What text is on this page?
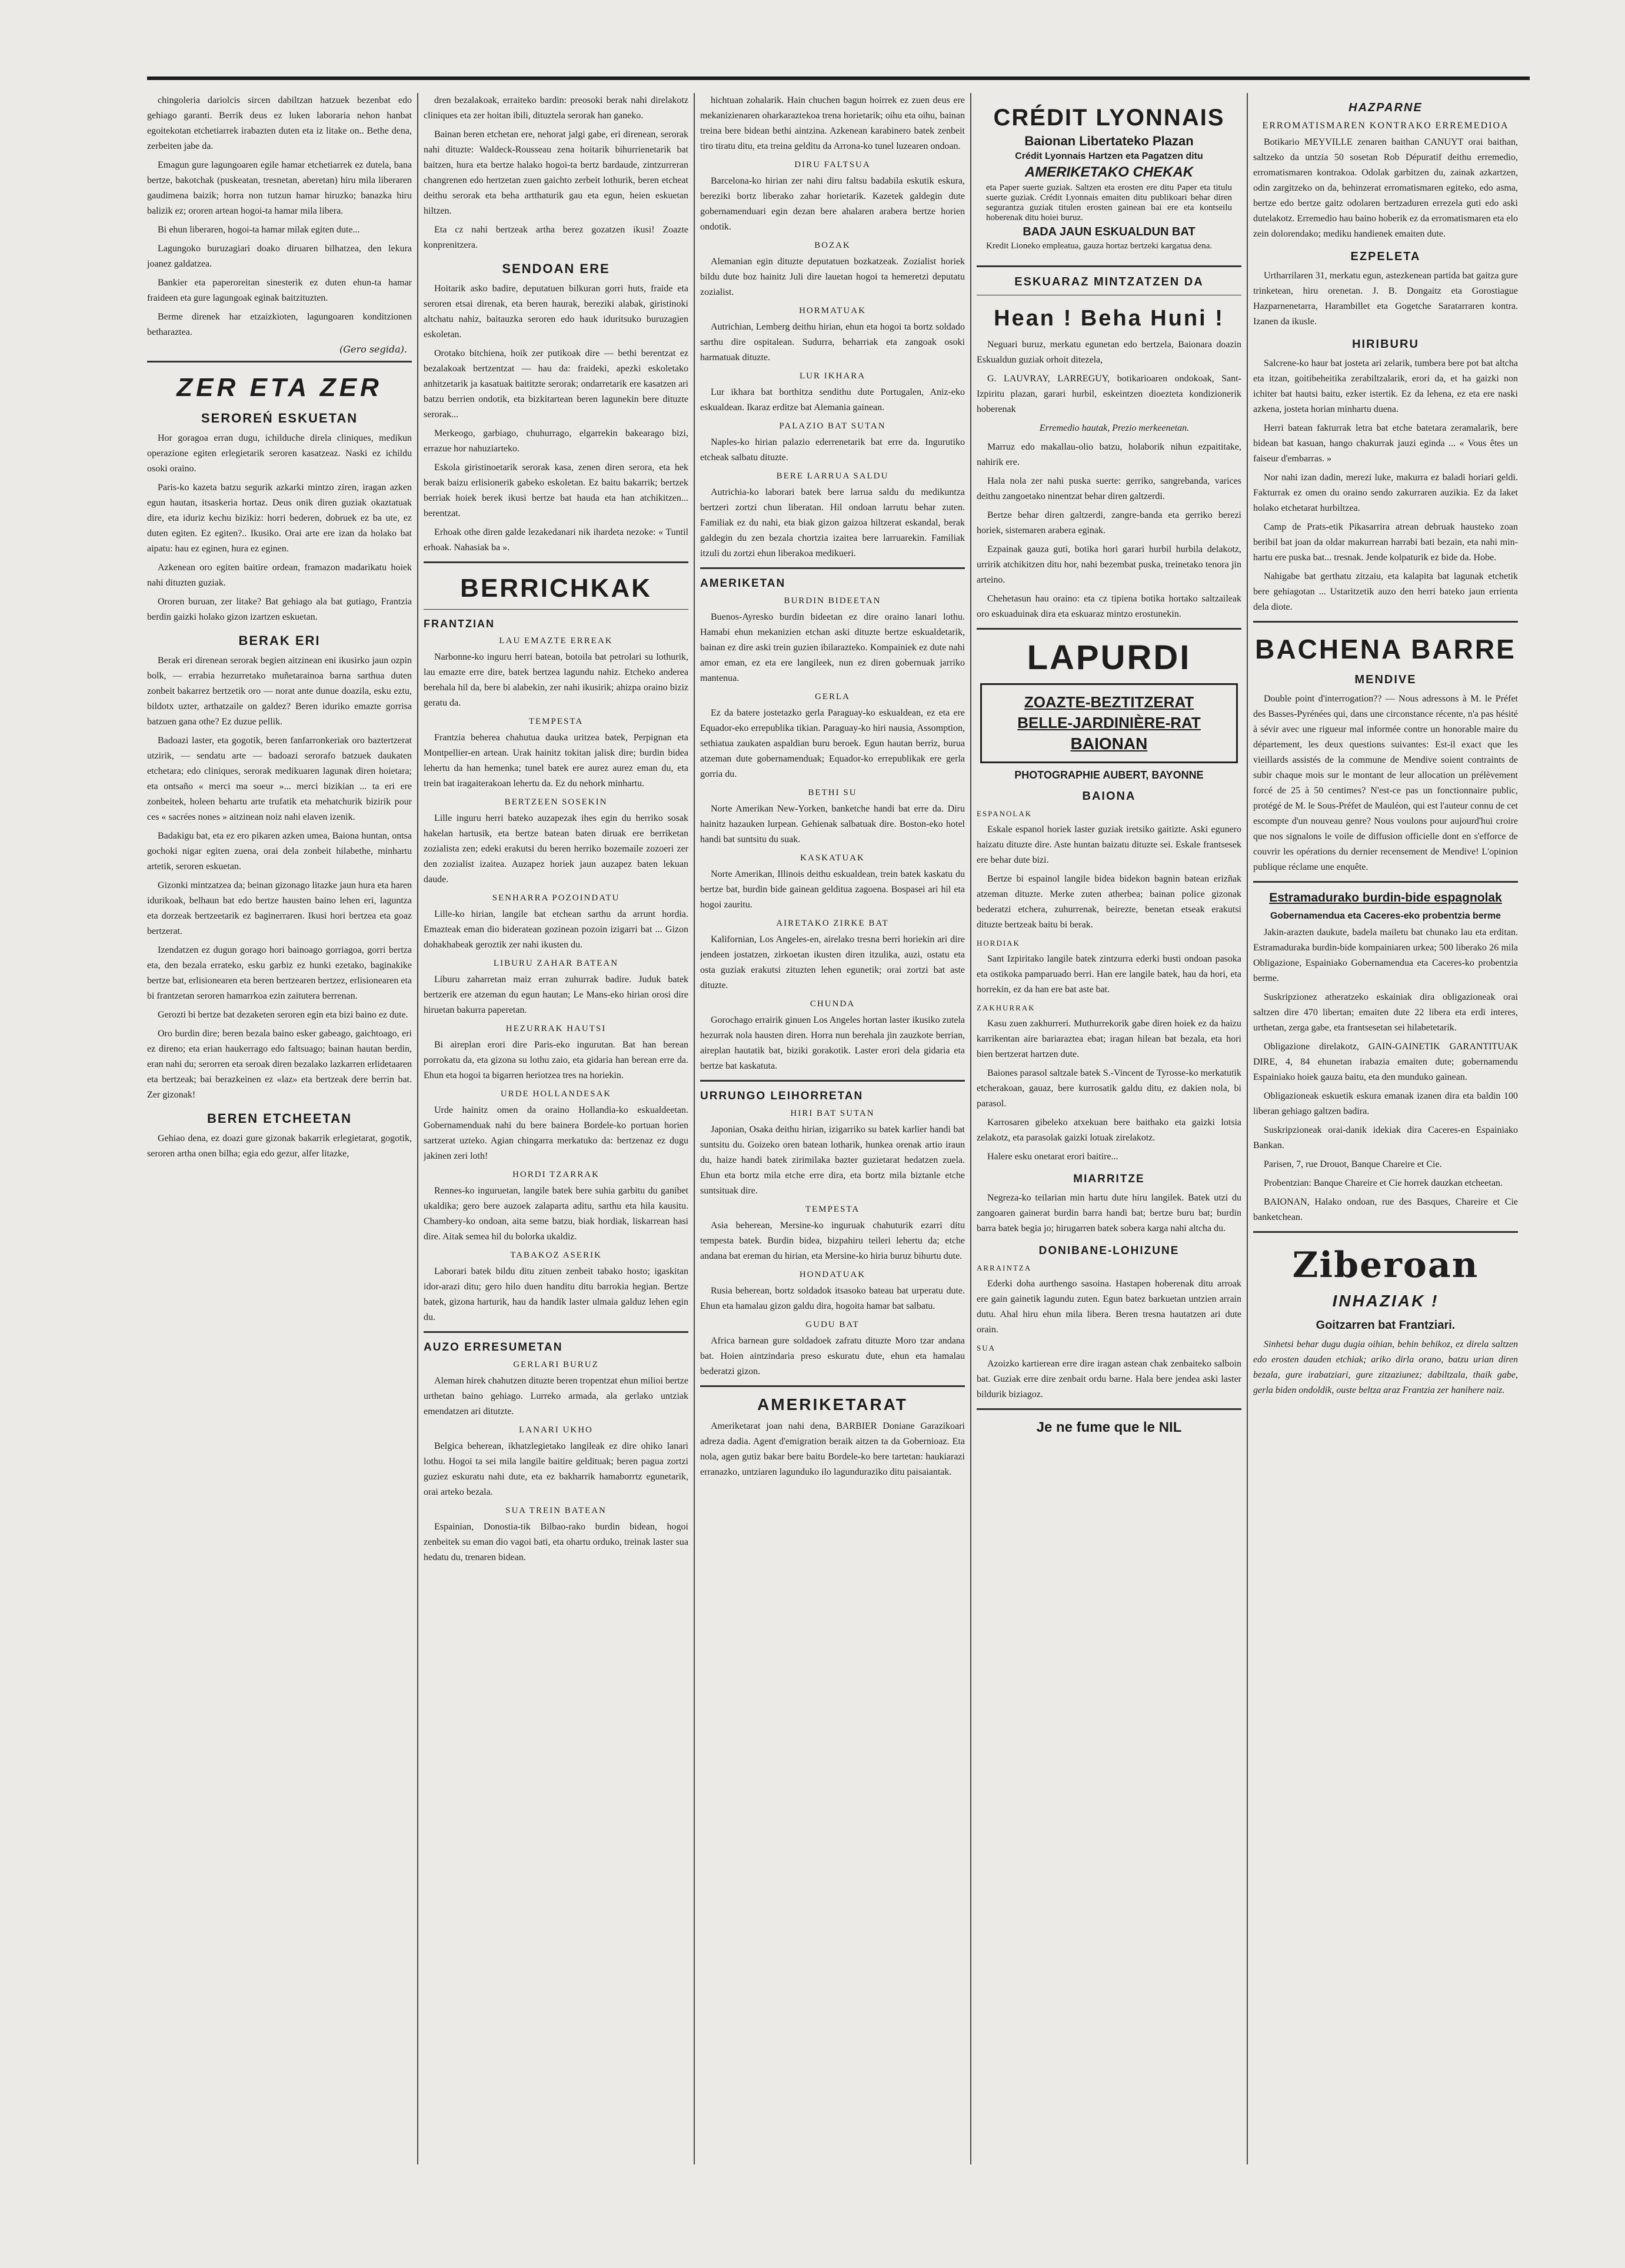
chingoleria dariolcis sircen dabiltzan hatzuek bezenbat edo gehiago garanti. Berrik deus ez luken laboraria nehon hanbat egoitekotan etchetiarrek irabazten duten eta iz litake on.. Bethe dena, zerbeiten jabe da.

Emagun gure lagungoaren egile hamar etchetiarrek ez dutela, bana bertze, bakotchak (puskeatan, tresnetan, aberetan) hiru mila liberaren gaudimena baizik; horra non tutzun hamar hiruzko; banazka hiru balizik ez; ororen artean hogoi-ta hamar mila libera.

Bi ehun liberaren, hogoi-ta hamar milak egiten dute...

Lagungoko buruzagiari doako diruaren bilhatzea, den lekura joanez galdatzea.

Bankier eta paperoreitan sinesterik ez duten ehun-ta hamar fraideen eta gure lagungoak eginak baitzituzten.

Berme direnek har etzaizkioten, lagungoaren konditzionen betharaztea.

(Gero segida).
ZER ETA ZER
SEROREŃ ESKUETAN

Hor goragoa erran dugu, ichilduche direla cliniques, medikun operazione egiten erlegietarik seroren kasatzeaz. Naski ez ichildu osoki oraino.

Paris-ko kazeta batzu segurik azkarki mintzo ziren, iragan azken egun hautan, itsaskeria hortaz. Deus onik diren guziak okaztatuak dire, eta iduriz kechu bizikiz: horri bederen, dobruek ez ba ute, ez duten egiten. Ez egiten?.. Ikusiko. Orai arte ere izan da holako bat aipatu: hau ez eginen, hura ez eginen.

Azkenean oro egiten baitire ordean, framazon madarikatu hoiek nahi dituzten guziak.

Ororen buruan, zer litake? Bat gehiago ala bat gutiago, Frantzia berdin gaizki holako gizon izartzen eskuetan.

BERAK ERI

Berak eri direnean serorak begien aitzinean eni ikusirko jaun ozpin bolk, — errabia hezurretako muñetarainoa barna sarthua duten zonbeit bakarrez bertzetik oro — norat ante dunue doazila, esku eztu, bildotx uzter, arthatzaile on galdez? Beren iduriko emazte gorrisa batzuen gana othe? Ez duzue pellik.

Badoazi laster, eta gogotik, beren fanfarronkeriak oro baztertzerat utzirik, — sendatu arte — badoazi serorafo batzuek daukaten etchetara; edo cliniques, serorak medikuaren lagunak diren hoietara; eta ontsaño « merci ma soeur »... merci bizikian ... ta eri ere zonbeitek, holeen behartu arte trufatik eta mehatchurik bizirik pour ces « sacrées nones » aitzinean noiz nahi elaven izenik.

Badakigu bat, eta ez ero pikaren azken umea, Baiona huntan, ontsa gochoki nigar egiten zuena, orai dela zonbeit hilabethe, minhartu artetik, seroren eskuetan.

Gizonki mintzatzea da; beinan gizonago litazke jaun hura eta haren idurikoak, belhaun bat edo bertze hausten baino lehen eri, laguntza eta dorzeak bertzeetarik ez baginerraren. Ikusi hori bertzea eta goaz bertzerat.

Izendatzen ez dugun gorago hori bainoago gorriagoa, gorri bertza eta, den bezala errateko, esku garbiz ez hunki ezetako, baginakike bertze bat, erlisionearen eta beren bertzearen bertzez, erlisionearen eta bi frantzetan seroren hamarrkoa ezin zaitutera berrenan.

Gerozti bi bertze bat dezaketen seroren egin eta bizi baino ez dute.

Oro burdin dire; beren bezala baino esker gabeago, gaichtoago, eri ez direno; eta erian haukerrago edo faltsuago; bainan hautan berdin, eran nahi du; serorren eta seroak diren bezalako lazkarren erlidetaaren eta bertzeak; bai berazkeinen ez «laz» eta bertzeak dere berrin bat. Zer gizonak!

BEREN ETCHEETAN

Gehiao dena, ez doazi gure gizonak bakarrik erlegietarat, gogotik, seroren artha onen bilha; egia edo gezur, alfer litazke,

dren bezalakoak, erraiteko bardin: preosoki berak nahi direlakotz cliniques eta zer hoitan ibili, dituztela serorak han ganeko.

Bainan beren etchetan ere, nehorat jalgi gabe, eri direnean, serorak nahi dituzte: Waldeck-Rousseau zena hoitarik bihurrienetarik bat baitzen, hura eta bertze halako hogoi-ta bertz bardaude, zintzurreran changrenen edo hertzetan zuen gaichto zerbeit lothurik, beren etcheat deithu serorak eta beha artthaturik gau eta egun, heien eskuetan hiltzen.

Eta cz nahi bertzeak artha berez gozatzen ikusi! Zoazte konprenitzera.

SENDOAN ERE

Hoitarik asko badire, deputatuen bilkuran gorri huts, fraide eta seroren etsai direnak, eta beren haurak, bereziki alabak, giristinoki altchatu nahiz, baitauzka seroren edo hauk iduritsuko buruzagien eskoletan.

Orotako bitchiena, hoik zer putikoak dire — bethi berentzat ez bezalakoak bertzentzat — hau da: fraideki, apezki eskoletako anhitzetarik ja kasatuak baititzte serorak; ondarretarik ere kasatzen ari batzu berrien ondotik, eta bizkitartean beren lagunekin bere dituzte serorak...

Merkeogo, garbiago, chuhurrago, elgarrekin bakearago bizi, errazue hor nahuziarteko.

Eskola giristinoetarik serorak kasa, zenen diren serora, eta hek berak baizu erlisionerik gabeko eskoletan. Ez baitu bakarrik; bertzek berriak hoiek berek ikusi bertze bat hauda eta han atchikitzen... berentzat.

Erhoak othe diren galde lezakedanari nik ihardeta nezoke: « Tuntil erhoak. Nahasiak ba ».

BERRICHKAK
FRANTZIAN
LAU EMAZTE ERREAK

Narbonne-ko inguru herri batean, botoila bat petrolari su lothurik, lau emazte erre dire, batek bertzea lagundu nahiz. Etcheko anderea berehala hil da, bere bi alabekin, zer nahi ikusirik; ahizpa oraino biziz geratu da.

TEMPESTA

Frantzia beherea chahutua dauka uritzea batek, Perpignan eta Montpellier-en artean. Urak hainitz tokitan jalisk dire; burdin bidea lehertu da han hemenka; tunel batek ere aurez aurez eman du, eta trein bat iragaiterakoan lehertu da. Ez du nehork minhartu.

BERTZEEN SOSEKIN

Lille inguru herri bateko auzapezak ihes egin du herriko sosak hakelan hartusik, eta bertze batean baten diruak ere berriketan zozialista zen; edeki erakutsi du beren herriko bozemaile zozoeri zer den zozialist izaitea. Auzapez horiek jaun auzapez baten lekuan daude.

SENHARRA POZOINDATU

Lille-ko hirian, langile bat etchean sarthu da arrunt hordia. Emazteak eman dio bideratean gozinean pozoin izigarri bat ... Gizon dohakhabeak geroztik zer nahi ikusten du.

LIBURU ZAHAR BATEAN

Liburu zaharretan maiz erran zuhurrak badire. Juduk batek bertzerik ere atzeman du egun hautan; Le Mans-eko hirian orosi dire hiruetan bakurra paperetan.

HEZURRAK HAUTSI

Bi aireplan erori dire Paris-eko ingurutan. Bat han berean porrokatu da, eta gizona su lothu zaio, eta gidaria han berean erre da. Ehun eta hogoi ta bigarren heriotzea tres na horiekin.

URDE HOLLANDESAK

Urde hainitz omen da oraino Hollandia-ko eskualdeetan. Gobernamenduak nahi du bere bainera Bordele-ko portuan horien sartzerat uzteko. Agian chingarra merkatuko da: bertzenaz ez dugu jakinen zeri loth!

HORDI TZARRAK

Rennes-ko inguruetan, langile batek bere suhia garbitu du ganibet ukaldika; gero bere auzoek zalaparta aditu, sarthu eta hila kausitu. Chambery-ko ondoan, aita seme batzu, biak hordiak, liskarrean hasi dire. Aitak semea hil du bolorka ukaldiz.

TABAKOZ ASERIK

Laborari batek bildu ditu zituen zenbeit tabako hosto; igaskitan idor-arazi ditu; gero hilo duen handitu ditu barrokia hegian. Bertze batek, gizona harturik, hau da handik laster ulmaia galduz lehen egin du.

AUZO ERRESUMETAN
GERLARI BURUZ

Aleman hirek chahutzen dituzte beren tropentzat ehun milioi bertze urthetan baino gehiago. Lurreko armada, ala gerlako untziak emendatzen ari ditutzte.

LANARI UKHO

Belgica beherean, ikhatzlegietako langileak ez dire ohiko lanari lothu. Hogoi ta sei mila langile baitire geldituak; beren pagua zortzi guziez eskuratu nahi dute, eta ez bakharrik hamaborrtz egunetarik, orai arteko bezala.

SUA TREIN BATEAN

Espainian, Donostia-tik Bilbao-rako burdin bidean, hogoi zenbeitek su eman dio vagoi bati, eta ohartu orduko, treinak laster sua hedatu du, trenaren bidean.

hichtuan zohalarik. Hain chuchen bagun hoirrek ez zuen deus ere mekanizienaren oharkaraztekoa trena horietarik; oihu eta oihu, bainan treina bere bidean bethi aintzina. Azkenean karabinero batek zenbeit tiro tiratu ditu, eta treina gelditu da Arrona-ko tunel luzearen ondoan.

DIRU FALTSUA

Barcelona-ko hirian zer nahi diru faltsu badabila eskutik eskura, bereziki bortz liberako zahar horietarik. Kazetek galdegin dute gobernamenduari egin dezan bere ahalaren arabera bertze horien ondotik.

BOZAK

Alemanian egin dituzte deputatuen bozkatzeak. Zozialist horiek bildu dute boz hainitz Juli dire lauetan hogoi ta hemeretzi deputatu zozialist.

HORMATUAK

Autrichian, Lemberg deithu hirian, ehun eta hogoi ta bortz soldado sarthu dire ospitalean. Sudurra, beharriak eta zangoak osoki harmatuak dituzte.

LUR IKHARA

Lur ikhara bat borthitza sendithu dute Portugalen, Aniz-eko eskualdean. Ikaraz erditze bat Alemania gainean.

PALAZIO BAT SUTAN

Naples-ko hirian palazio ederrenetarik bat erre da. Ingurutiko etcheak salbatu dituzte.

BERE LARRUA SALDU

Autrichia-ko laborari batek bere larrua saldu du medikuntza bertzeri zortzi chun liberatan. Hil ondoan larrutu behar zuten. Familiak ez du nahi, eta biak gizon gaizoa hiltzerat eskandal, berak galdegin du zen bezala chortzia izaitea bere larruarekin. Familiak itzuli du zortzi ehun liberakoa medikueri.

AMERIKETAN
BURDIN BIDEETAN

Buenos-Ayresko burdin bideetan ez dire oraino lanari lothu. Hamabi ehun mekanizien etchan aski dituzte bertze eskualdetarik, bainan ez dire aski trein guzien ibilarazteko. Kompainiek ez dute nahi amor eman, ez eta ere langileek, nun ez diren gobernuak jarriko mantenua.

GERLA

Ez da batere jostetazko gerla Paraguay-ko eskualdean, ez eta ere Equador-eko errepublika tikian. Paraguay-ko hiri nausia, Assomption, sethiatua zaukaten aspaldian buru beroek. Egun hautan berriz, burua atzeman dute gobernamenduak; Equador-ko errepublikak ere gerla gorria du.

BETHI SU

Norte Amerikan New-Yorken, banketche handi bat erre da. Diru hainitz hazauken lurpean. Gehienak salbatuak dire. Boston-eko hotel handi bat suntsitu du suak.

KASKATUAK

Norte Amerikan, Illinois deithu eskualdean, trein batek kaskatu du bertze bat, burdin bide gainean gelditua zagoena. Bospasei ari hil eta hogoi zauritu.

AIRETAKO ZIRKE BAT

Kalifornian, Los Angeles-en, airelako tresna berri horiekin ari dire jendeen jostatzen, zirkoetan ikusten diren itzulika, auzi, ostatu eta osta guziak erakutsi zituzten lehen egunetik; orai zortzi bat aste dituzte.

CHUNDA

Gorochago errairik ginuen Los Angeles hortan laster ikusiko zutela hezurrak nola hausten diren. Horra nun berehala jin zauzkote berrian, aireplan hautatik bat, biziki gorakotik. Laster erori dela gidaria eta bertze bat kaskatuta.

URRUNGO LEIHORRETAN
HIRI BAT SUTAN

Japonian, Osaka deithu hirian, izigarriko su batek karlier handi bat suntsitu du. Goizeko oren batean lotharik, hunkea orenak artio iraun du, haize handi batek zirimilaka bazter guzietarat hedatzen zuela. Ehun eta bortz mila etche erre dira, eta bortz mila biztanle etche suntsituak dire.

TEMPESTA

Asia beherean, Mersine-ko inguruak chahuturik ezarri ditu tempesta batek. Burdin bidea, bizpahiru teileri lehertu da; etche andana bat ereman du hirian, eta Mersine-ko hiria buruz bihurtu dute.

HONDATUAK

Rusia beherean, bortz soldadok itsasoko bateau bat urperatu dute. Ehun eta hamalau gizon galdu dira, hogoita hamar bat salbatu.

GUDU BAT

Africa barnean gure soldadoek zafratu dituzte Moro tzar andana bat. Hoien aintzindaria preso eskuratu dute, ehun eta hamalau bederatzi gizon.

AMERIKETARAT

Ameriketarat joan nahi dena, BARBIER Doniane Garazikoari adreza dadia. Agent d'emigration beraik aitzen ta da Gobernioaz. Eta nola, agen gutiz bakar bere baitu Bordele-ko bere tartetan: haukiarazi erranazko, untziaren lagunduko ilo lagunduraziko ditu paisaiantak.

CRÉDIT LYONNAIS
Baionan Libertateko Plazan
Crédit Lyonnais Hartzen eta Pagatzen ditu
AMERIKETAKO CHEKAK
eta Paper suerte guziak. Saltzen eta erosten ere ditu Paper eta titulu suerte guziak. Crédit Lyonnais emaiten ditu publikoari behar diren segurantza guziak titulen erosten gainean bai ere eta kontseilu hoberenak ditu hoiei buruz.
BADA JAUN ESKUALDUN BAT
Kredit Lioneko empleatua, gauza hortaz bertzeki kargatua dena.
ESKUARAZ MINTZATZEN DA
Hean ! Beha Huni !

Neguari buruz, merkatu egunetan edo bertzela, Baionara doazin Eskualdun guziak orhoit ditezela,

G. LAUVRAY, LARREGUY, botikarioaren ondokoak, Sant-Izpiritu plazan, garari hurbil, eskeintzen dioezteta kondizionerik hoberenak

Erremedio hautak, Prezio merkeenetan.

Marruz edo makallau-olio batzu, holaborik nihun ezpaititake, nahirik ere.

Hala nola zer nahi puska suerte: gerriko, sangrebanda, varices deithu zangoetako ninentzat behar diren galtzerdi.

Bertze behar diren galtzerdi, zangre-banda eta gerriko berezi horiek, sistemaren arabera eginak.

Ezpainak gauza guti, botika hori garari hurbil hurbila delakotz, urririk atchikitzen ditu hor, nahi bezembat puska, treinetako tenora jin arteino.

Chehetasun hau oraino: eta cz tipiena botika hortako saltzaileak oro eskuaduinak dira eta eskuaraz mintzo erostunekin.

LAPURDI
ZOAZTE-BEZTITZERAT
BELLE-JARDINIÈRE-RAT
BAIONAN
PHOTOGRAPHIE AUBERT, BAYONNE
BAIONA
ESPANOLAK

Eskale espanol horiek laster guziak iretsiko gaitizte. Aski egunero haizatu dituzte dire. Aste huntan baizatu dituzte sei. Eskale frantsesek ere behar dute bizi.

Bertze bi espainol langile bidea bidekon bagnin batean erizñak atzeman dituzte. Merke zuten atherbea; bainan police gizonak bederatzi etchera, zuhurrenak, beirezte, benetan etseak erakutsi dituzte bertzeak baitu bi berak.

HORDIAK

Sant Izpiritako langile batek zintzurra ederki busti ondoan pasoka eta ostikoka pamparuado berri. Han ere langile batek, hau da hori, eta horrekin, ez da han ere bat aste bat.

ZAKHURRAK

Kasu zuen zakhurreri. Muthurrekorik gabe diren hoiek ez da haizu karrikentan aire bariaraztea ebat; iragan hilean bat bezala, eta hori bien bertzerat hartzen dute.

Baiones parasol saltzale batek S.-Vincent de Tyrosse-ko merkatutik etcherakoan, gauaz, bere kurrosatik galdu ditu, ez dakien nola, bi parasol.

Karrosaren gibeleko atxekuan bere baithako eta gaizki lotsia zelakotz, eta parasolak gaizki lotuak zirelakotz.

Halere esku onetarat erori baitire...

MIARRITZE

Negreza-ko teilarian min hartu dute hiru langilek. Batek utzi du zangoaren gainerat burdin barra handi bat; bertze buru bat; burdin barra batek begia jo; hirugarren batek sobera karga nahi altcha du.

DONIBANE-LOHIZUNE
ARRAINTZA

Ederki doha aurthengo sasoina. Hastapen hoberenak ditu arroak ere gain gainetik lagundu zuten. Egun batez barkuetan untzien arrain dutu. Ahal hiru ehun mila libera. Beren tresna hautatzen ari dute orain.

SUA

Azoizko kartierean erre dire iragan astean chak zenbaiteko salboin bat. Guziak erre dire zenbait ordu barne. Hala bere jendea aski laster bildurik biziagoz.

Je ne fume que le NIL
HAZPARNE
ERROMATISMAREN KONTRAKO ERREMEDIOA

Botikario MEYVILLE zenaren baithan CANUYT orai baithan, saltzeko da untzia 50 sosetan Rob Dépuratif deithu erremedio, erromatismaren kontrakoa. Odolak garbitzen du, zainak azkartzen, odin zargitzeko on da, behinzerat erromatismaren egiteko, edo asma, bertze edo bertze gaitz odolaren bertzaduren errezela guti edo aski dutelakotz. Erremedio hau baino hoberik ez da erromatismaren eta elo zein dolorendako; mediku handienek emaiten dute.

EZPELETA

Urtharrilaren 31, merkatu egun, astezkenean partida bat gaitza gure trinketean, hiru orenetan. J. B. Dongaitz eta Gorostiague Hazparnenetarra, Harambillet eta Gogetche Saratarraren kontra. Izanen da ikusle.

HIRIBURU

Salcrene-ko haur bat josteta ari zelarik, tumbera bere pot bat altcha eta itzan, goitibeheitika zerabiltzalarik, erori da, et ha gaizki non ichiter bat hautsi baitu, ezker istertik. Ez da lehena, ez eta ere naski azkena, josteta horian minhartu duena.

Herri batean fakturrak letra bat etche batetara zeramalarik, bere bidean bat kasuan, hango chakurrak jauzi eginda ... « Vous êtes un faiseur d'embarras. »

Nor nahi izan dadin, merezi luke, makurra ez baladi horiari geldi. Fakturrak ez omen du oraino sendo zakurraren auzikia. Ez da laket holako etchetarat hurbiltzea.

Camp de Prats-etik Pikasarrira atrean debruak hausteko zoan beribil bat joan da oldar makurrean harrabi bati bezain, eta nahi min-hartu ere puska bat... tresnak. Jende kolpaturik ez bide da. Hobe.

Nahigabe bat gerthatu zitzaiu, eta kalapita bat lagunak etchetik bere gehiagotan ... Ustaritzetik auzo den herri bateko jaun errienta dela diote.

BACHENA BARRE
MENDIVE

Double point d'interrogation?? — Nous adressons à M. le Préfet des Basses-Pyrénées qui, dans une circonstance récente, n'a pas hésité à sévir avec une rigueur mal informée contre un honorable maire du département, les deux questions suivantes: Est-il exact que les vieillards assistés de la commune de Mendive soient contraints de subir chaque mois sur le montant de leur allocation un prélèvement forcé de 25 à 50 centimes? N'est-ce pas un fonctionnaire public, protégé de M. le Sous-Préfet de Mauléon, qui est l'auteur connu de cet escompte d'un nouveau genre? Nous voulons pour aujourd'hui croire que nos signalons le voile de diffusion officielle dont en s'efforce de couvrir les opérations du dernier recensement de Mendive! L'opinion publique réclame une enquête.

Estramadurako burdin-bide espagnolak
Gobernamendua eta Caceres-eko probentzia berme

Jakin-arazten daukute, badela mailetu bat chunako lau eta erditan. Estramaduraka burdin-bide kompainiaren urkea; 500 liberako 26 mila Obligazione, Espainiako Gobernamendua eta Caceres-ko probentzia berme.

Suskripzionez atheratzeko eskainiak dira obligazioneak orai saltzen dire 470 libertan; emaiten dute 22 libera eta erdi interes, urthetan, zerga gabe, eta frantsesetan sei hilabetetarik.

Obligazione direlakotz, GAIN-GAINETIK GARANTITUAK DIRE, 4, 84 ehunetan irabazia emaiten dute; gobernamendu Espainiako hoiek gauza baitu, eta den munduko gainean.

Obligazioneak eskuetik eskura emanak izanen dira eta baldin 100 liberan gehiago galtzen badira.

Suskripzioneak orai-danik idekiak dira Caceres-en Espainiako Bankan.

Parisen, 7, rue Drouot, Banque Chareire et Cie.

Probentzian: Banque Chareire et Cie horrek dauzkan etcheetan.

BAIONAN, Halako ondoan, rue des Basques, Chareire et Cie banketchean.

Ziberoan
INHAZIAK !
Goitzarren bat Frantziari.

Sinhetsi behar dugu dugia oihian, behin behikoz, ez direla saltzen edo erosten dauden etchiak; ariko dirla orano, batzu urian diren bezala, gure irabatziari, gure zitzaziunez; dabiltzala, thaik gabe, gerla biden ondoldik, ouste beltza araz Frantzia zer hanihere naiz.
